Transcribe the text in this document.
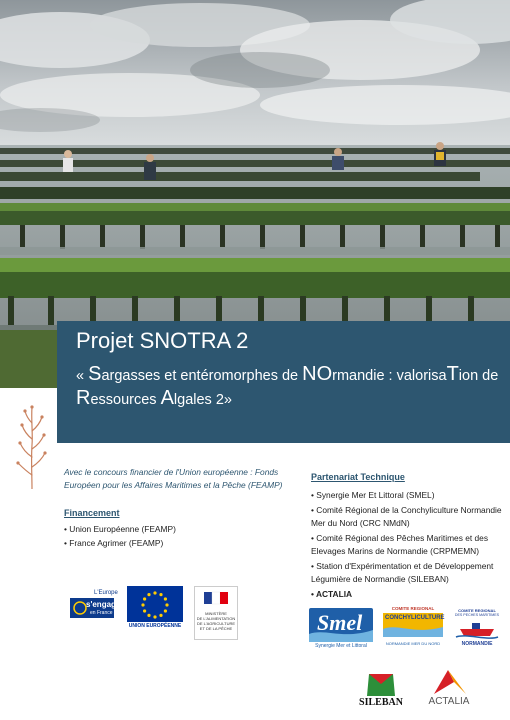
Projet SNOTRA 2
« Sargasses et entéromorphes de NOrmandie : valorisaTion de Ressources Algales 2»

Avec le concours financier de l'Union européenne : Fonds Européen pour les Affaires Maritimes et la Pêche (FEAMP)

Financement
• Union Européenne (FEAMP)
• France Agrimer (FEAMP)
Partenariat Technique
• Synergie Mer Et Littoral (SMEL)
• Comité Régional de la Conchyliculture Normandie Mer du Nord (CRC NMdN)
• Comité Régional des Pêches Maritimes et des Elevages Marins de Normandie (CRPMEMN)
• Station d'Expérimentation et de Développement Légumière de Normandie (SILEBAN)
• ACTALIA
L'Europe
s'engage
en France
UNION EUROPÉENNE
MINISTÈRE
DE L'ALIMENTATION
DE L'AGRICULTURE
ET DE LA PÊCHE	Smel
Synergie Mer et Littoral
COMITE REGIONAL
CONCHYLICULTURE
NORMANDIE MER DU NORD
COMITE REGIONAL
DES PECHES MARITIMES
NORMANDIE
SILEBAN	ACTALIA
